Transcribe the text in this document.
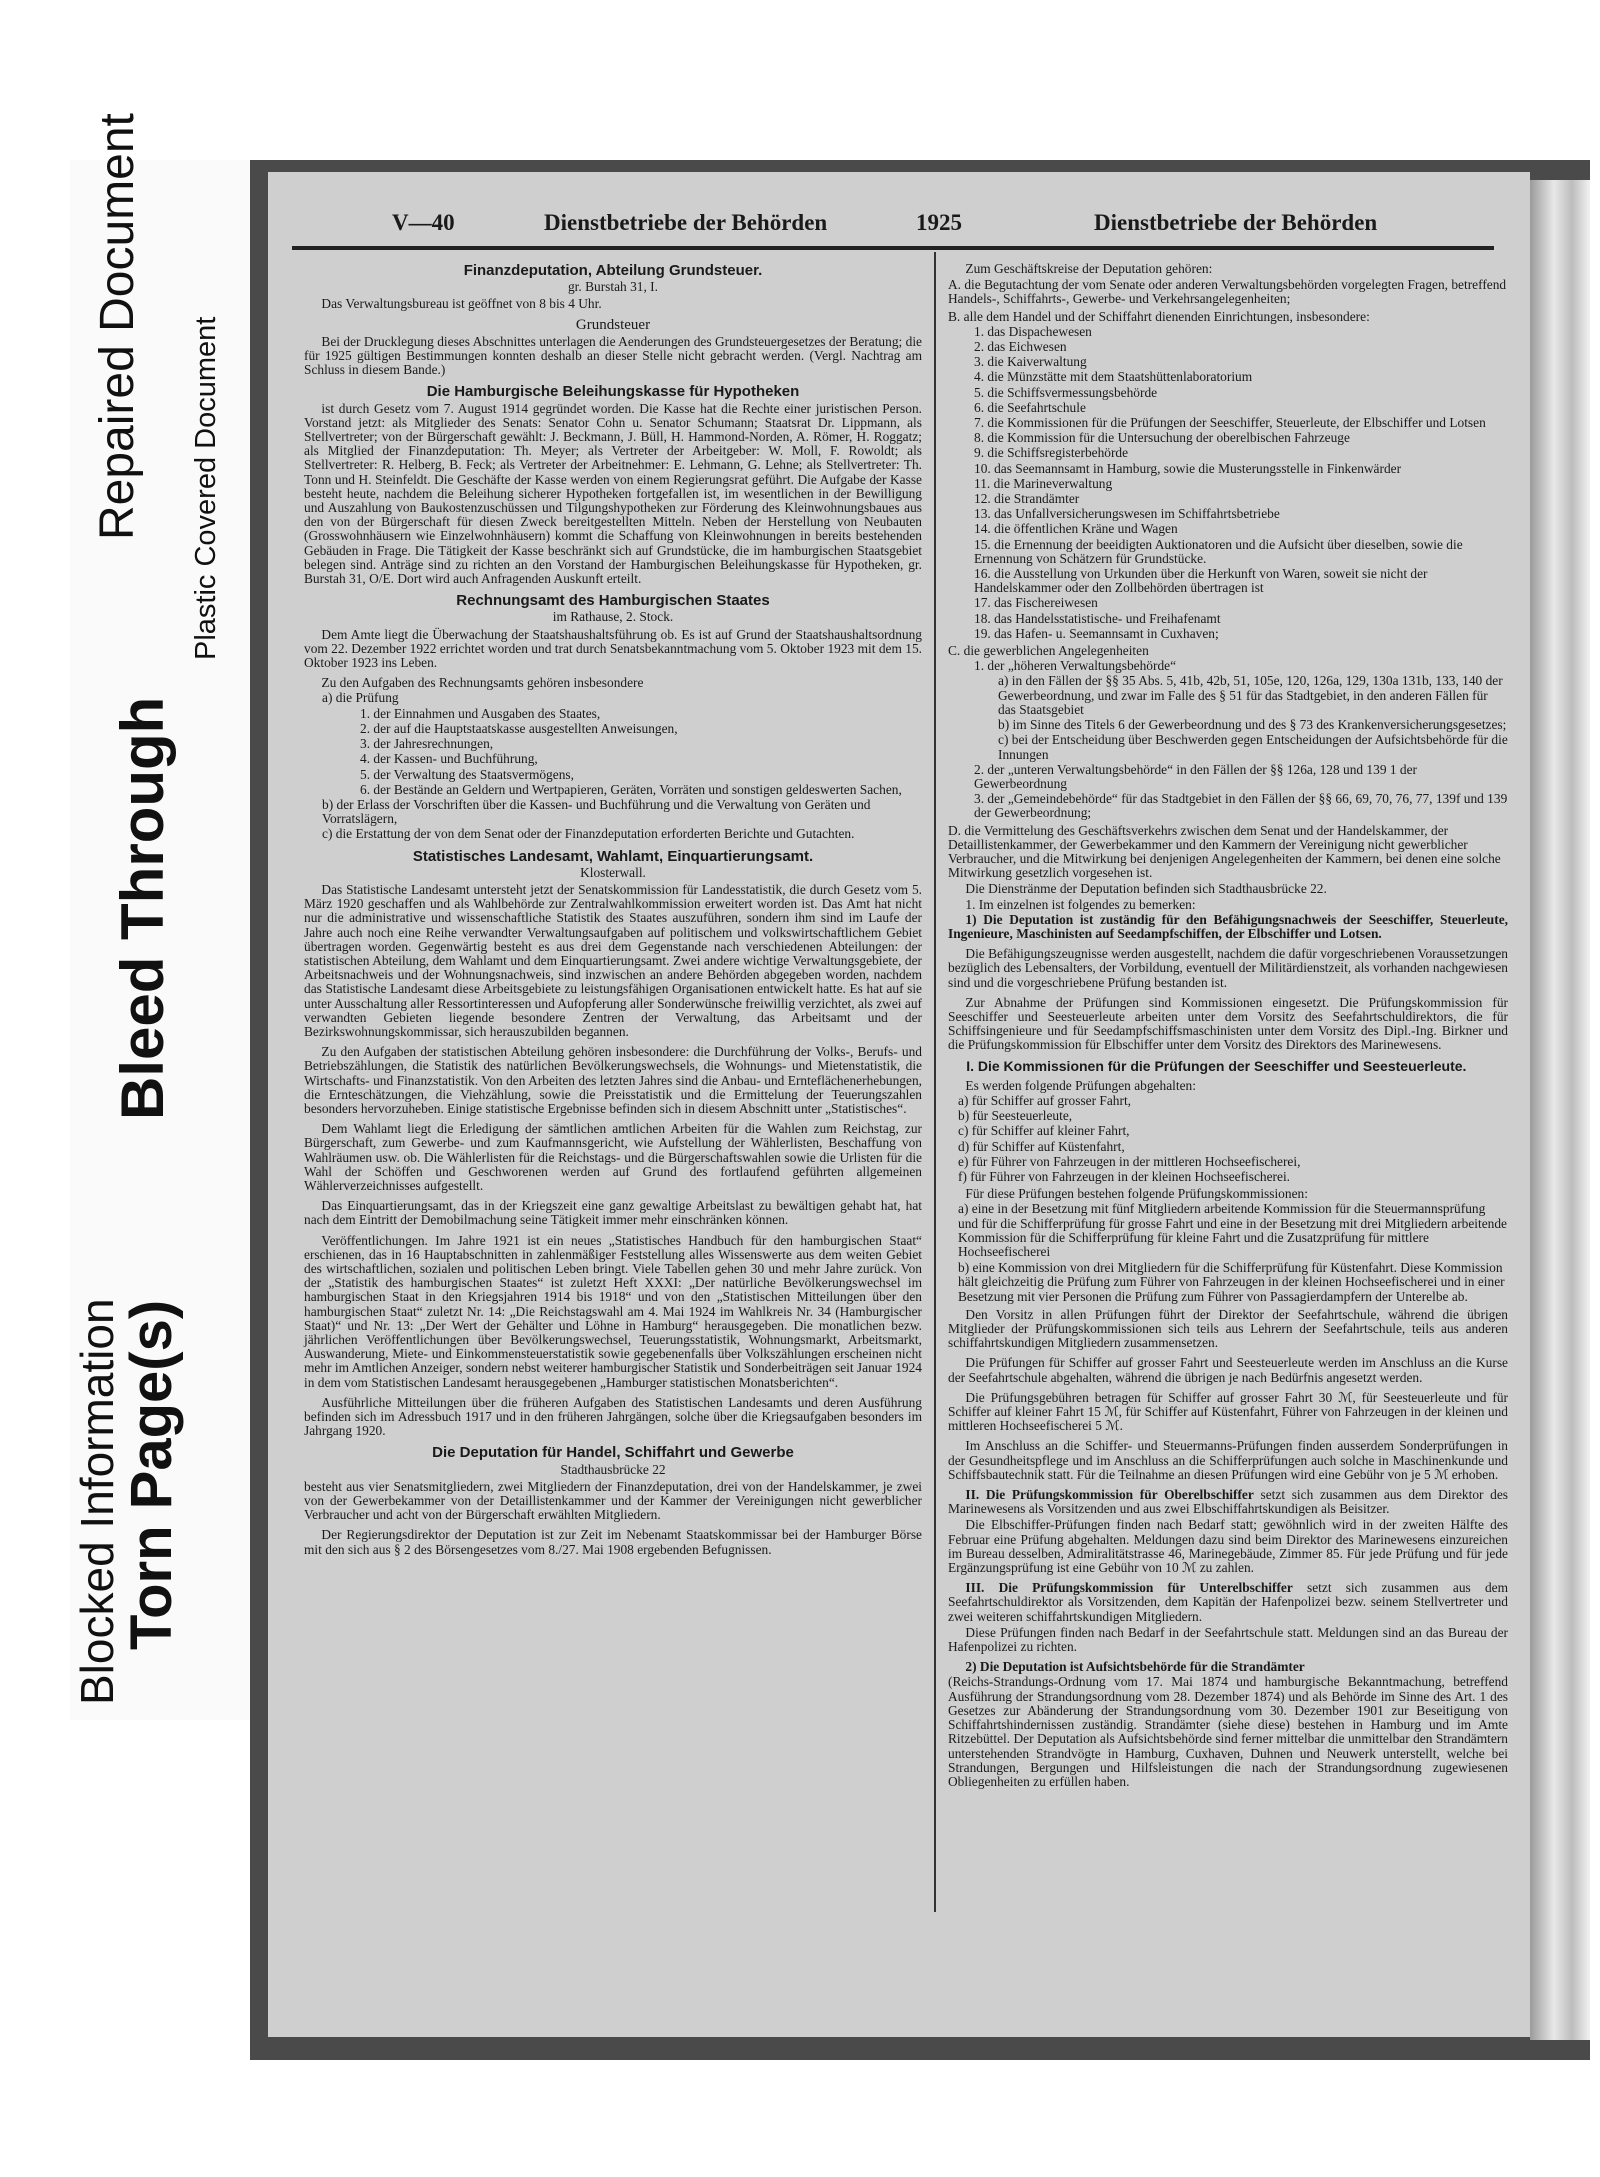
Blocked Information
Torn Page(s)
Bleed Through
Repaired Document Plastic Covered Document
V—40	Dienstbetriebe der Behörden	1925	Dienstbetriebe der Behörden
Finanzdeputation, Abteilung Grundsteuer.
gr. Burstah 31, I.
Das Verwaltungsbureau ist geöffnet von 8 bis 4 Uhr.
Grundsteuer
Bei der Drucklegung dieses Abschnittes unterlagen die Aenderungen des Grundsteuergesetzes der Beratung; die für 1925 gültigen Bestimmungen konnten deshalb an dieser Stelle nicht gebracht werden. (Vergl. Nachtrag am Schluss in diesem Bande.)
Die Hamburgische Beleihungskasse für Hypotheken
ist durch Gesetz vom 7. August 1914 gegründet worden. Die Kasse hat die Rechte einer juristischen Person. Vorstand jetzt: als Mitglieder des Senats: Senator Cohn u. Senator Schumann; Staatsrat Dr. Lippmann, als Stellvertreter; von der Bürgerschaft gewählt: J. Beckmann, J. Büll, H. Hammond-Norden, A. Römer, H. Roggatz; als Mitglied der Finanzdeputation: Th. Meyer; als Vertreter der Arbeitgeber: W. Moll, F. Rowoldt; als Stellvertreter: R. Helberg, B. Feck; als Vertreter der Arbeitnehmer: E. Lehmann, G. Lehne; als Stellvertreter: Th. Tonn und H. Steinfeldt. Die Geschäfte der Kasse werden von einem Regierungsrat geführt. Die Aufgabe der Kasse besteht heute, nachdem die Beleihung sicherer Hypotheken fortgefallen ist, im wesentlichen in der Bewilligung und Auszahlung von Baukostenzuschüssen und Tilgungshypotheken zur Förderung des Kleinwohnungsbaues aus den von der Bürgerschaft für diesen Zweck bereitgestellten Mitteln. Neben der Herstellung von Neubauten (Grosswohnhäusern wie Einzelwohnhäusern) kommt die Schaffung von Kleinwohnungen in bereits bestehenden Gebäuden in Frage. Die Tätigkeit der Kasse beschränkt sich auf Grundstücke, die im hamburgischen Staatsgebiet belegen sind. Anträge sind zu richten an den Vorstand der Hamburgischen Beleihungskasse für Hypotheken, gr. Burstah 31, O/E. Dort wird auch Anfragenden Auskunft erteilt.
Rechnungsamt des Hamburgischen Staates
im Rathause, 2. Stock.
Dem Amte liegt die Überwachung der Staatshaushaltsführung ob. Es ist auf Grund der Staatshaushaltsordnung vom 22. Dezember 1922 errichtet worden und trat durch Senatsbekanntmachung vom 5. Oktober 1923 mit dem 15. Oktober 1923 ins Leben.
Zu den Aufgaben des Rechnungsamts gehören insbesondere
a) die Prüfung
1. der Einnahmen und Ausgaben des Staates,
2. der auf die Hauptstaatskasse ausgestellten Anweisungen,
3. der Jahresrechnungen,
4. der Kassen- und Buchführung,
5. der Verwaltung des Staatsvermögens,
6. der Bestände an Geldern und Wertpapieren, Geräten, Vorräten und sonstigen geldeswerten Sachen,
b) der Erlass der Vorschriften über die Kassen- und Buchführung und die Verwaltung von Geräten und Vorratslägern,
c) die Erstattung der von dem Senat oder der Finanzdeputation erforderten Berichte und Gutachten.
Statistisches Landesamt, Wahlamt, Einquartierungsamt.
Klosterwall.
Das Statistische Landesamt untersteht jetzt der Senatskommission für Landesstatistik, die durch Gesetz vom 5. März 1920 geschaffen und als Wahlbehörde zur Zentralwahlkommission erweitert worden ist. Das Amt hat nicht nur die administrative und wissenschaftliche Statistik des Staates auszuführen, sondern ihm sind im Laufe der Jahre auch noch eine Reihe verwandter Verwaltungsaufgaben auf politischem und volkswirtschaftlichem Gebiet übertragen worden. Gegenwärtig besteht es aus drei dem Gegenstande nach verschiedenen Abteilungen: der statistischen Abteilung, dem Wahlamt und dem Einquartierungsamt. Zwei andere wichtige Verwaltungsgebiete, der Arbeitsnachweis und der Wohnungsnachweis, sind inzwischen an andere Behörden abgegeben worden, nachdem das Statistische Landesamt diese Arbeitsgebiete zu leistungsfähigen Organisationen entwickelt hatte. Es hat auf sie unter Ausschaltung aller Ressortinteressen und Aufopferung aller Sonderwünsche freiwillig verzichtet, als zwei auf verwandten Gebieten liegende besondere Zentren der Verwaltung, das Arbeitsamt und der Bezirkswohnungskommissar, sich herauszubilden begannen.
Zu den Aufgaben der statistischen Abteilung gehören insbesondere: die Durchführung der Volks-, Berufs- und Betriebszählungen, die Statistik des natürlichen Bevölkerungswechsels, die Wohnungs- und Mietenstatistik, die Wirtschafts- und Finanzstatistik. Von den Arbeiten des letzten Jahres sind die Anbau- und Ernteflächenerhebungen, die Ernteschätzungen, die Viehzählung, sowie die Preisstatistik und die Ermittelung der Teuerungszahlen besonders hervorzuheben. Einige statistische Ergebnisse befinden sich in diesem Abschnitt unter „Statistisches“.
Dem Wahlamt liegt die Erledigung der sämtlichen amtlichen Arbeiten für die Wahlen zum Reichstag, zur Bürgerschaft, zum Gewerbe- und zum Kaufmannsgericht, wie Aufstellung der Wählerlisten, Beschaffung von Wahlräumen usw. ob. Die Wählerlisten für die Reichstags- und die Bürgerschaftswahlen sowie die Urlisten für die Wahl der Schöffen und Geschworenen werden auf Grund des fortlaufend geführten allgemeinen Wählerverzeichnisses aufgestellt.
Das Einquartierungsamt, das in der Kriegszeit eine ganz gewaltige Arbeitslast zu bewältigen gehabt hat, hat nach dem Eintritt der Demobilmachung seine Tätigkeit immer mehr einschränken können.
Veröffentlichungen. Im Jahre 1921 ist ein neues „Statistisches Handbuch für den hamburgischen Staat“ erschienen, das in 16 Hauptabschnitten in zahlenmäßiger Feststellung alles Wissenswerte aus dem weiten Gebiet des wirtschaftlichen, sozialen und politischen Leben bringt. Viele Tabellen gehen 30 und mehr Jahre zurück. Von der „Statistik des hamburgischen Staates“ ist zuletzt Heft XXXI: „Der natürliche Bevölkerungswechsel im hamburgischen Staat in den Kriegsjahren 1914 bis 1918“ und von den „Statistischen Mitteilungen über den hamburgischen Staat“ zuletzt Nr. 14: „Die Reichstagswahl am 4. Mai 1924 im Wahlkreis Nr. 34 (Hamburgischer Staat)“ und Nr. 13: „Der Wert der Gehälter und Löhne in Hamburg“ herausgegeben. Die monatlichen bezw. jährlichen Veröffentlichungen über Bevölkerungswechsel, Teuerungsstatistik, Wohnungsmarkt, Arbeitsmarkt, Auswanderung, Miete- und Einkommensteuerstatistik sowie gegebenenfalls über Volkszählungen erscheinen nicht mehr im Amtlichen Anzeiger, sondern nebst weiterer hamburgischer Statistik und Sonderbeiträgen seit Januar 1924 in dem vom Statistischen Landesamt herausgegebenen „Hamburger statistischen Monatsberichten“.
Ausführliche Mitteilungen über die früheren Aufgaben des Statistischen Landesamts und deren Ausführung befinden sich im Adressbuch 1917 und in den früheren Jahrgängen, solche über die Kriegsaufgaben besonders im Jahrgang 1920.
Die Deputation für Handel, Schiffahrt und Gewerbe
Stadthausbrücke 22
besteht aus vier Senatsmitgliedern, zwei Mitgliedern der Finanzdeputation, drei von der Handelskammer, je zwei von der Gewerbekammer von der Detaillistenkammer und der Kammer der Vereinigungen nicht gewerblicher Verbraucher und acht von der Bürgerschaft erwählten Mitgliedern.
Der Regierungsdirektor der Deputation ist zur Zeit im Nebenamt Staatskommissar bei der Hamburger Börse mit den sich aus § 2 des Börsengesetzes vom 8./27. Mai 1908 ergebenden Befugnissen.
Zum Geschäftskreise der Deputation gehören:
A. die Begutachtung der vom Senate oder anderen Verwaltungsbehörden vorgelegten Fragen, betreffend Handels-, Schiffahrts-, Gewerbe- und Verkehrsangelegenheiten;
B. alle dem Handel und der Schiffahrt dienenden Einrichtungen, insbesondere:
1. das Dispachewesen
2. das Eichwesen
3. die Kaiverwaltung
4. die Münzstätte mit dem Staatshüttenlaboratorium
5. die Schiffsvermessungsbehörde
6. die Seefahrtschule
7. die Kommissionen für die Prüfungen der Seeschiffer, Steuerleute, der Elbschiffer und Lotsen
8. die Kommission für die Untersuchung der oberelbischen Fahrzeuge
9. die Schiffsregisterbehörde
10. das Seemannsamt in Hamburg, sowie die Musterungsstelle in Finkenwärder
11. die Marineverwaltung
12. die Strandämter
13. das Unfallversicherungswesen im Schiffahrtsbetriebe
14. die öffentlichen Kräne und Wagen
15. die Ernennung der beeidigten Auktionatoren und die Aufsicht über dieselben, sowie die Ernennung von Schätzern für Grundstücke.
16. die Ausstellung von Urkunden über die Herkunft von Waren, soweit sie nicht der Handelskammer oder den Zollbehörden übertragen ist
17. das Fischereiwesen
18. das Handelsstatistische- und Freihafenamt
19. das Hafen- u. Seemannsamt in Cuxhaven;
C. die gewerblichen Angelegenheiten
1. der „höheren Verwaltungsbehörde“
a) in den Fällen der §§ 35 Abs. 5, 41b, 42b, 51, 105e, 120, 126a, 129, 130a 131b, 133, 140 der Gewerbeordnung, und zwar im Falle des § 51 für das Stadtgebiet, in den anderen Fällen für das Staatsgebiet
b) im Sinne des Titels 6 der Gewerbeordnung und des § 73 des Krankenversicherungsgesetzes;
c) bei der Entscheidung über Beschwerden gegen Entscheidungen der Aufsichtsbehörde für die Innungen
2. der „unteren Verwaltungsbehörde“ in den Fällen der §§ 126a, 128 und 139 1 der Gewerbeordnung
3. der „Gemeindebehörde“ für das Stadtgebiet in den Fällen der §§ 66, 69, 70, 76, 77, 139f und 139 der Gewerbeordnung;
D. die Vermittelung des Geschäftsverkehrs zwischen dem Senat und der Handelskammer, der Detaillistenkammer, der Gewerbekammer und den Kammern der Vereinigung nicht gewerblicher Verbraucher, und die Mitwirkung bei denjenigen Angelegenheiten der Kammern, bei denen eine solche Mitwirkung gesetzlich vorgesehen ist.
Die Dienstränme der Deputation befinden sich Stadthausbrücke 22.
1. Im einzelnen ist folgendes zu bemerken:
1) Die Deputation ist zuständig für den Befähigungsnachweis der Seeschiffer, Steuerleute, Ingenieure, Maschinisten auf Seedampfschiffen, der Elbschiffer und Lotsen.
Die Befähigungszeugnisse werden ausgestellt, nachdem die dafür vorgeschriebenen Voraussetzungen bezüglich des Lebensalters, der Vorbildung, eventuell der Militärdienstzeit, als vorhanden nachgewiesen sind und die vorgeschriebene Prüfung bestanden ist.
Zur Abnahme der Prüfungen sind Kommissionen eingesetzt. Die Prüfungskommission für Seeschiffer und Seesteuerleute arbeiten unter dem Vorsitz des Seefahrtschuldirektors, die für Schiffsingenieure und für Seedampfschiffsmaschinisten unter dem Vorsitz des Dipl.-Ing. Birkner und die Prüfungskommission für Elbschiffer unter dem Vorsitz des Direktors des Marinewesens.
I. Die Kommissionen für die Prüfungen der Seeschiffer und Seesteuerleute.
Es werden folgende Prüfungen abgehalten:
a) für Schiffer auf grosser Fahrt,
b) für Seesteuerleute,
c) für Schiffer auf kleiner Fahrt,
d) für Schiffer auf Küstenfahrt,
e) für Führer von Fahrzeugen in der mittleren Hochseefischerei,
f) für Führer von Fahrzeugen in der kleinen Hochseefischerei.
Für diese Prüfungen bestehen folgende Prüfungskommissionen:
a) eine in der Besetzung mit fünf Mitgliedern arbeitende Kommission für die Steuermannsprüfung und für die Schifferprüfung für grosse Fahrt und eine in der Besetzung mit drei Mitgliedern arbeitende Kommission für die Schifferprüfung für kleine Fahrt und die Zusatzprüfung für mittlere Hochseefischerei
b) eine Kommission von drei Mitgliedern für die Schifferprüfung für Küstenfahrt. Diese Kommission hält gleichzeitig die Prüfung zum Führer von Fahrzeugen in der kleinen Hochseefischerei und in einer Besetzung mit vier Personen die Prüfung zum Führer von Passagierdampfern der Unterelbe ab.
Den Vorsitz in allen Prüfungen führt der Direktor der Seefahrtschule, während die übrigen Mitglieder der Prüfungskommissionen sich teils aus Lehrern der Seefahrtschule, teils aus anderen schiffahrtskundigen Mitgliedern zusammensetzen.
Die Prüfungen für Schiffer auf grosser Fahrt und Seesteuerleute werden im Anschluss an die Kurse der Seefahrtschule abgehalten, während die übrigen je nach Bedürfnis angesetzt werden.
Die Prüfungsgebühren betragen für Schiffer auf grosser Fahrt 30 ℳ, für Seesteuerleute und für Schiffer auf kleiner Fahrt 15 ℳ, für Schiffer auf Küstenfahrt, Führer von Fahrzeugen in der kleinen und mittleren Hochseefischerei 5 ℳ.
Im Anschluss an die Schiffer- und Steuermanns-Prüfungen finden ausserdem Sonderprüfungen in der Gesundheitspflege und im Anschluss an die Schifferprüfungen auch solche in Maschinenkunde und Schiffsbautechnik statt. Für die Teilnahme an diesen Prüfungen wird eine Gebühr von je 5 ℳ erhoben.
II. Die Prüfungskommission für Oberelbschiffer setzt sich zusammen aus dem Direktor des Marinewesens als Vorsitzenden und aus zwei Elbschiffahrtskundigen als Beisitzer.
Die Elbschiffer-Prüfungen finden nach Bedarf statt; gewöhnlich wird in der zweiten Hälfte des Februar eine Prüfung abgehalten. Meldungen dazu sind beim Direktor des Marinewesens einzureichen im Bureau desselben, Admiralitätstrasse 46, Marinegebäude, Zimmer 85. Für jede Prüfung und für jede Ergänzungsprüfung ist eine Gebühr von 10 ℳ zu zahlen.
III. Die Prüfungskommission für Unterelbschiffer setzt sich zusammen aus dem Seefahrtschuldirektor als Vorsitzenden, dem Kapitän der Hafenpolizei bezw. seinem Stellvertreter und zwei weiteren schiffahrtskundigen Mitgliedern.
Diese Prüfungen finden nach Bedarf in der Seefahrtschule statt. Meldungen sind an das Bureau der Hafenpolizei zu richten.
2) Die Deputation ist Aufsichtsbehörde für die Strandämter
(Reichs-Strandungs-Ordnung vom 17. Mai 1874 und hamburgische Bekanntmachung, betreffend Ausführung der Strandungsordnung vom 28. Dezember 1874) und als Behörde im Sinne des Art. 1 des Gesetzes zur Abänderung der Strandungsordnung vom 30. Dezember 1901 zur Beseitigung von Schiffahrtshindernissen zuständig. Strandämter (siehe diese) bestehen in Hamburg und im Amte Ritzebüttel. Der Deputation als Aufsichtsbehörde sind ferner mittelbar die unmittelbar den Strandämtern unterstehenden Strandvögte in Hamburg, Cuxhaven, Duhnen und Neuwerk unterstellt, welche bei Strandungen, Bergungen und Hilfsleistungen die nach der Strandungsordnung zugewiesenen Obliegenheiten zu erfüllen haben.
